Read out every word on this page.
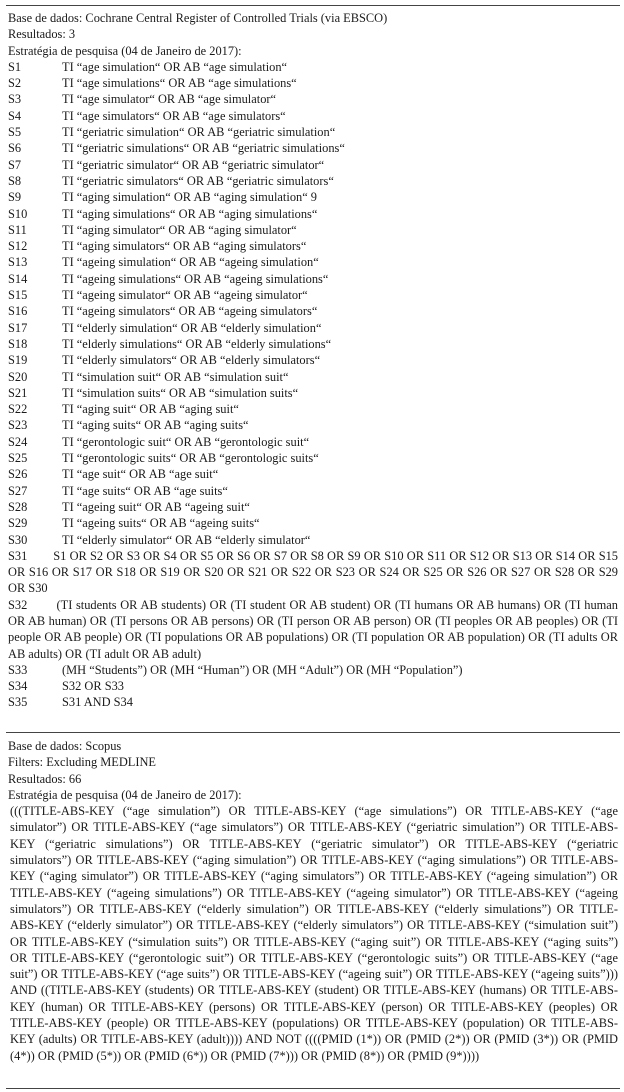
Base de dados: Cochrane Central Register of Controlled Trials (via EBSCO)
Resultados: 3
Estratégia de pesquisa (04 de Janeiro de 2017):
S1	TI “age simulation“ OR AB “age simulation“
S2	TI “age simulations“ OR AB “age simulations“
S3	TI “age simulator“ OR AB “age simulator“
S4	TI “age simulators“ OR AB “age simulators“
S5	TI “geriatric simulation“ OR AB “geriatric simulation“
S6	TI “geriatric simulations“ OR AB “geriatric simulations“
S7	TI “geriatric simulator“ OR AB “geriatric simulator“
S8	TI “geriatric simulators“ OR AB “geriatric simulators“
S9	TI “aging simulation“ OR AB “aging simulation“ 9
S10	TI “aging simulations“ OR AB “aging simulations“
S11	TI “aging simulator“ OR AB “aging simulator“
S12	TI “aging simulators“ OR AB “aging simulators“
S13	TI “ageing simulation“ OR AB “ageing simulation“
S14	TI “ageing simulations“ OR AB “ageing simulations“
S15	TI “ageing simulator“ OR AB “ageing simulator“
S16	TI “ageing simulators“ OR AB “ageing simulators“
S17	TI “elderly simulation“ OR AB “elderly simulation“
S18	TI “elderly simulations“ OR AB “elderly simulations“
S19	TI “elderly simulators“ OR AB “elderly simulators“
S20	TI “simulation suit“ OR AB “simulation suit“
S21	TI “simulation suits“ OR AB “simulation suits“
S22	TI “aging suit“ OR AB “aging suit“
S23	TI “aging suits“ OR AB “aging suits“
S24	TI “gerontologic suit“ OR AB “gerontologic suit“
S25	TI “gerontologic suits“ OR AB “gerontologic suits“
S26	TI “age suit“ OR AB “age suit“
S27	TI “age suits“ OR AB “age suits“
S28	TI “ageing suit“ OR AB “ageing suit“
S29	TI “ageing suits“ OR AB “ageing suits“
S30	TI “elderly simulator“ OR AB “elderly simulator“
S31 S1 OR S2 OR S3 OR S4 OR S5 OR S6 OR S7 OR S8 OR S9 OR S10 OR S11 OR S12 OR S13 OR S14 OR S15 OR S16 OR S17 OR S18 OR S19 OR S20 OR S21 OR S22 OR S23 OR S24 OR S25 OR S26 OR S27 OR S28 OR S29 OR S30
S32 (TI students OR AB students) OR (TI student OR AB student) OR (TI humans OR AB humans) OR (TI human OR AB human) OR (TI persons OR AB persons) OR (TI person OR AB person) OR (TI peoples OR AB peoples) OR (TI people OR AB people) OR (TI populations OR AB populations) OR (TI population OR AB population) OR (TI adults OR AB adults) OR (TI adult OR AB adult)
S33	(MH “Students”) OR (MH “Human”) OR (MH “Adult”) OR (MH “Population”)
S34	S32 OR S33
S35	S31 AND S34
Base de dados: Scopus
Filters: Excluding MEDLINE
Resultados: 66
Estratégia de pesquisa (04 de Janeiro de 2017):
(((TITLE-ABS-KEY (“age simulation”) OR TITLE-ABS-KEY (“age simulations”) OR TITLE-ABS-KEY (“age simulator”) OR TITLE-ABS-KEY (“age simulators”) OR TITLE-ABS-KEY (“geriatric simulation”) OR TITLE-ABS-KEY (“geriatric simulations”) OR TITLE-ABS-KEY (“geriatric simulator”) OR TITLE-ABS-KEY (“geriatric simulators”) OR TITLE-ABS-KEY (“aging simulation”) OR TITLE-ABS-KEY (“aging simulations”) OR TITLE-ABS-KEY (“aging simulator”) OR TITLE-ABS-KEY (“aging simulators”) OR TITLE-ABS-KEY (“ageing simulation”) OR TITLE-ABS-KEY (“ageing simulations”) OR TITLE-ABS-KEY (“ageing simulator”) OR TITLE-ABS-KEY (“ageing simulators”) OR TITLE-ABS-KEY (“elderly simulation”) OR TITLE-ABS-KEY (“elderly simulations”) OR TITLE-ABS-KEY (“elderly simulator”) OR TITLE-ABS-KEY (“elderly simulators”) OR TITLE-ABS-KEY (“simulation suit”) OR TITLE-ABS-KEY (“simulation suits”) OR TITLE-ABS-KEY (“aging suit”) OR TITLE-ABS-KEY (“aging suits”) OR TITLE-ABS-KEY (“gerontologic suit”) OR TITLE-ABS-KEY (“gerontologic suits”) OR TITLE-ABS-KEY (“age suit”) OR TITLE-ABS-KEY (“age suits”) OR TITLE-ABS-KEY (“ageing suit”) OR TITLE-ABS-KEY (“ageing suits”))) AND ((TITLE-ABS-KEY (students) OR TITLE-ABS-KEY (student) OR TITLE-ABS-KEY (humans) OR TITLE-ABS-KEY (human) OR TITLE-ABS-KEY (persons) OR TITLE-ABS-KEY (person) OR TITLE-ABS-KEY (peoples) OR TITLE-ABS-KEY (people) OR TITLE-ABS-KEY (populations) OR TITLE-ABS-KEY (population) OR TITLE-ABS-KEY (adults) OR TITLE-ABS-KEY (adult)))) AND NOT ((((PMID (1*)) OR (PMID (2*)) OR (PMID (3*)) OR (PMID (4*)) OR (PMID (5*)) OR (PMID (6*)) OR (PMID (7*))) OR (PMID (8*)) OR (PMID (9*))))
